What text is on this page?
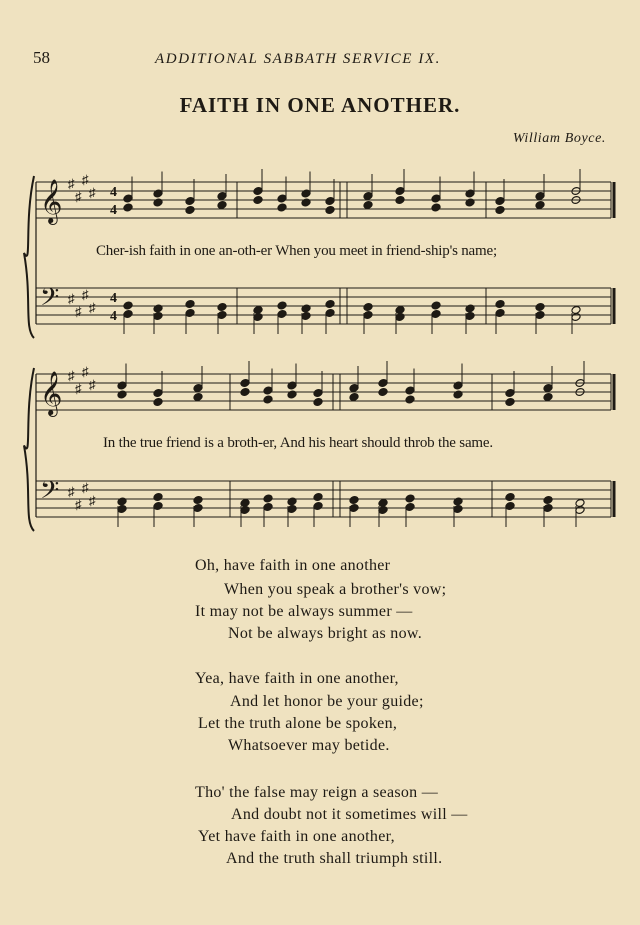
58	ADDITIONAL SABBATH SERVICE IX.
FAITH IN ONE ANOTHER.
William Boyce.
𝄞
𝄢
♯
♯
♯
♯
♯
♯
♯
♯
𝄞
𝄢
♯
♯
♯
♯
♯
♯
♯
♯
4
4
4
4
Cher-ish faith in one an-oth-er When you meet in friend-ship's name;
In the true friend is a broth-er, And his heart should throb the same.
Oh, have faith in one another
When you speak a brother's vow;
It may not be always summer —
Not be always bright as now.
Yea, have faith in one another,
And let honor be your guide;
Let the truth alone be spoken,
Whatsoever may betide.
Tho' the false may reign a season —
And doubt not it sometimes will —
Yet have faith in one another,
And the truth shall triumph still.
